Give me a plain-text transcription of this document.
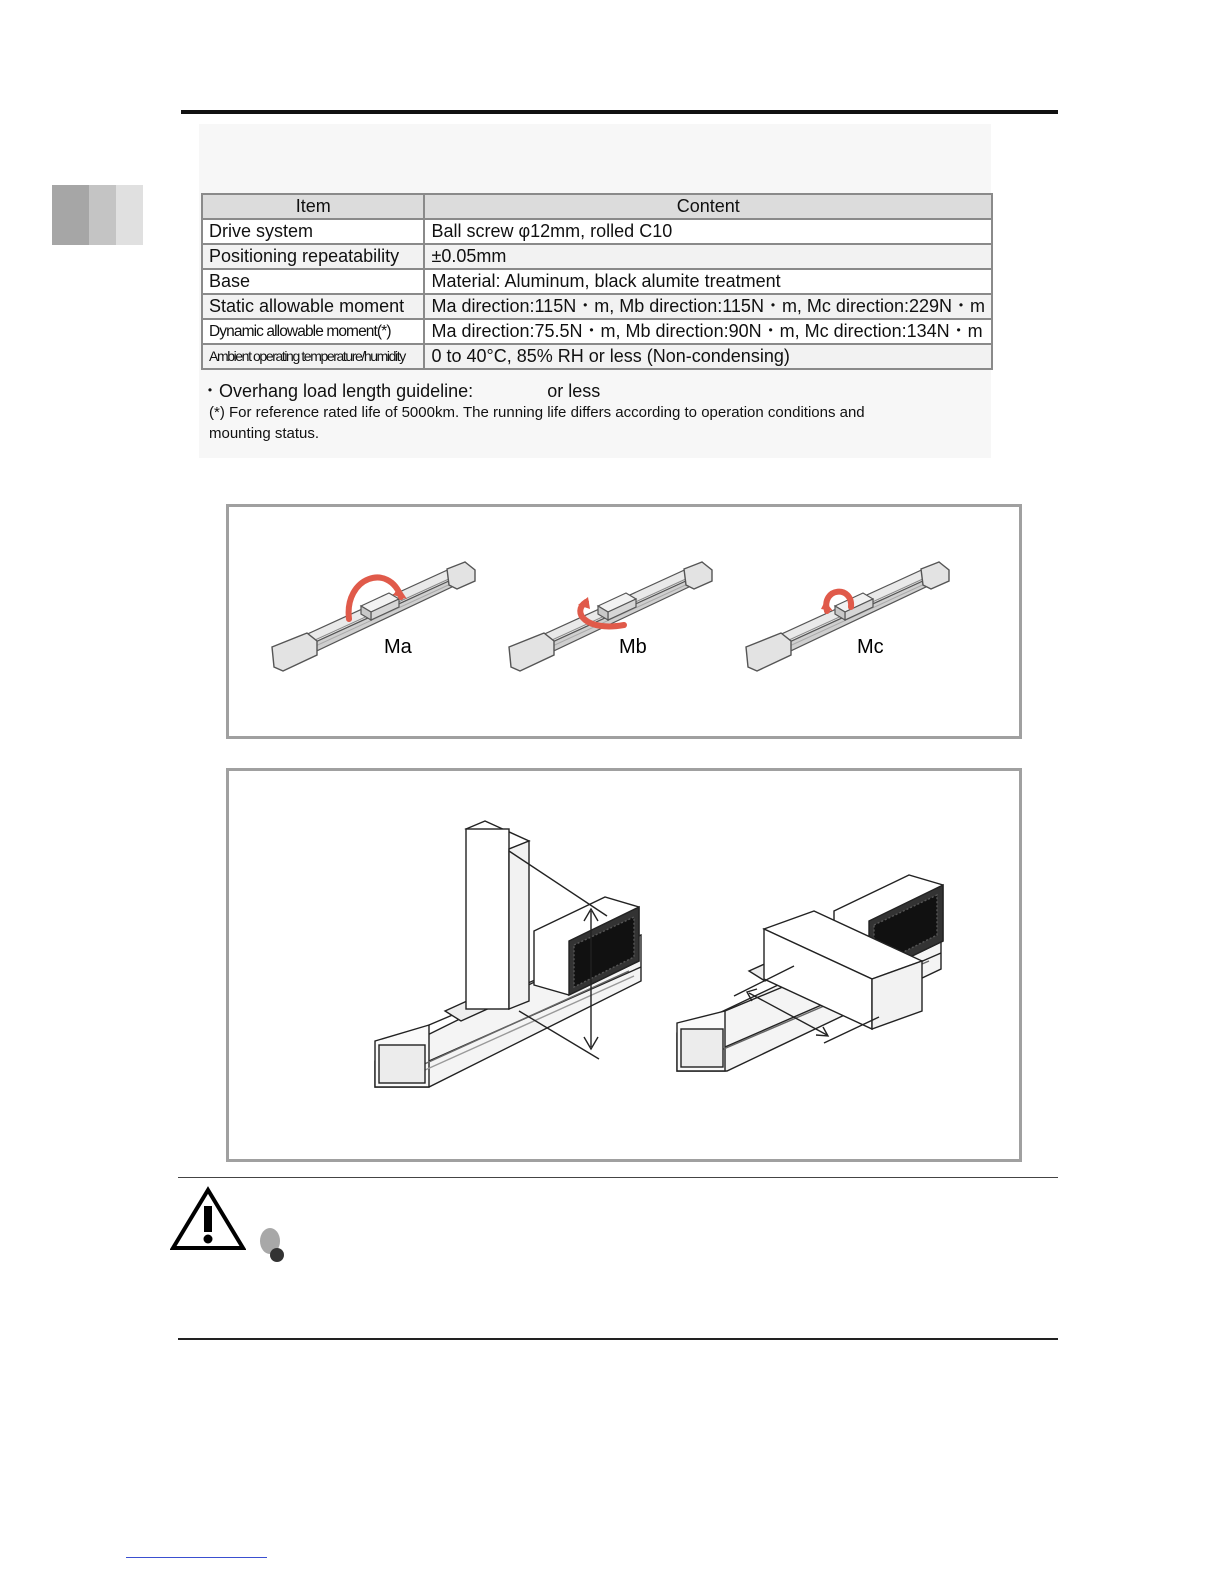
Item	Content
Drive system	Ball screw φ12mm, rolled C10
Positioning repeatability	±0.05mm
Base	Material: Aluminum, black alumite treatment
Static allowable moment	Ma direction:115N・m, Mb direction:115N・m, Mc direction:229N・m
Dynamic allowable moment(*)	Ma direction:75.5N・m, Mb direction:90N・m, Mc direction:134N・m
Ambient operating temperature/humidity	0 to 40°C, 85% RH or less (Non-condensing)
・Overhang load length guideline:	or less
(*) For reference rated life of 5000km. The running life differs according to operation conditions and mounting status.
Ma	Mb	Mc
